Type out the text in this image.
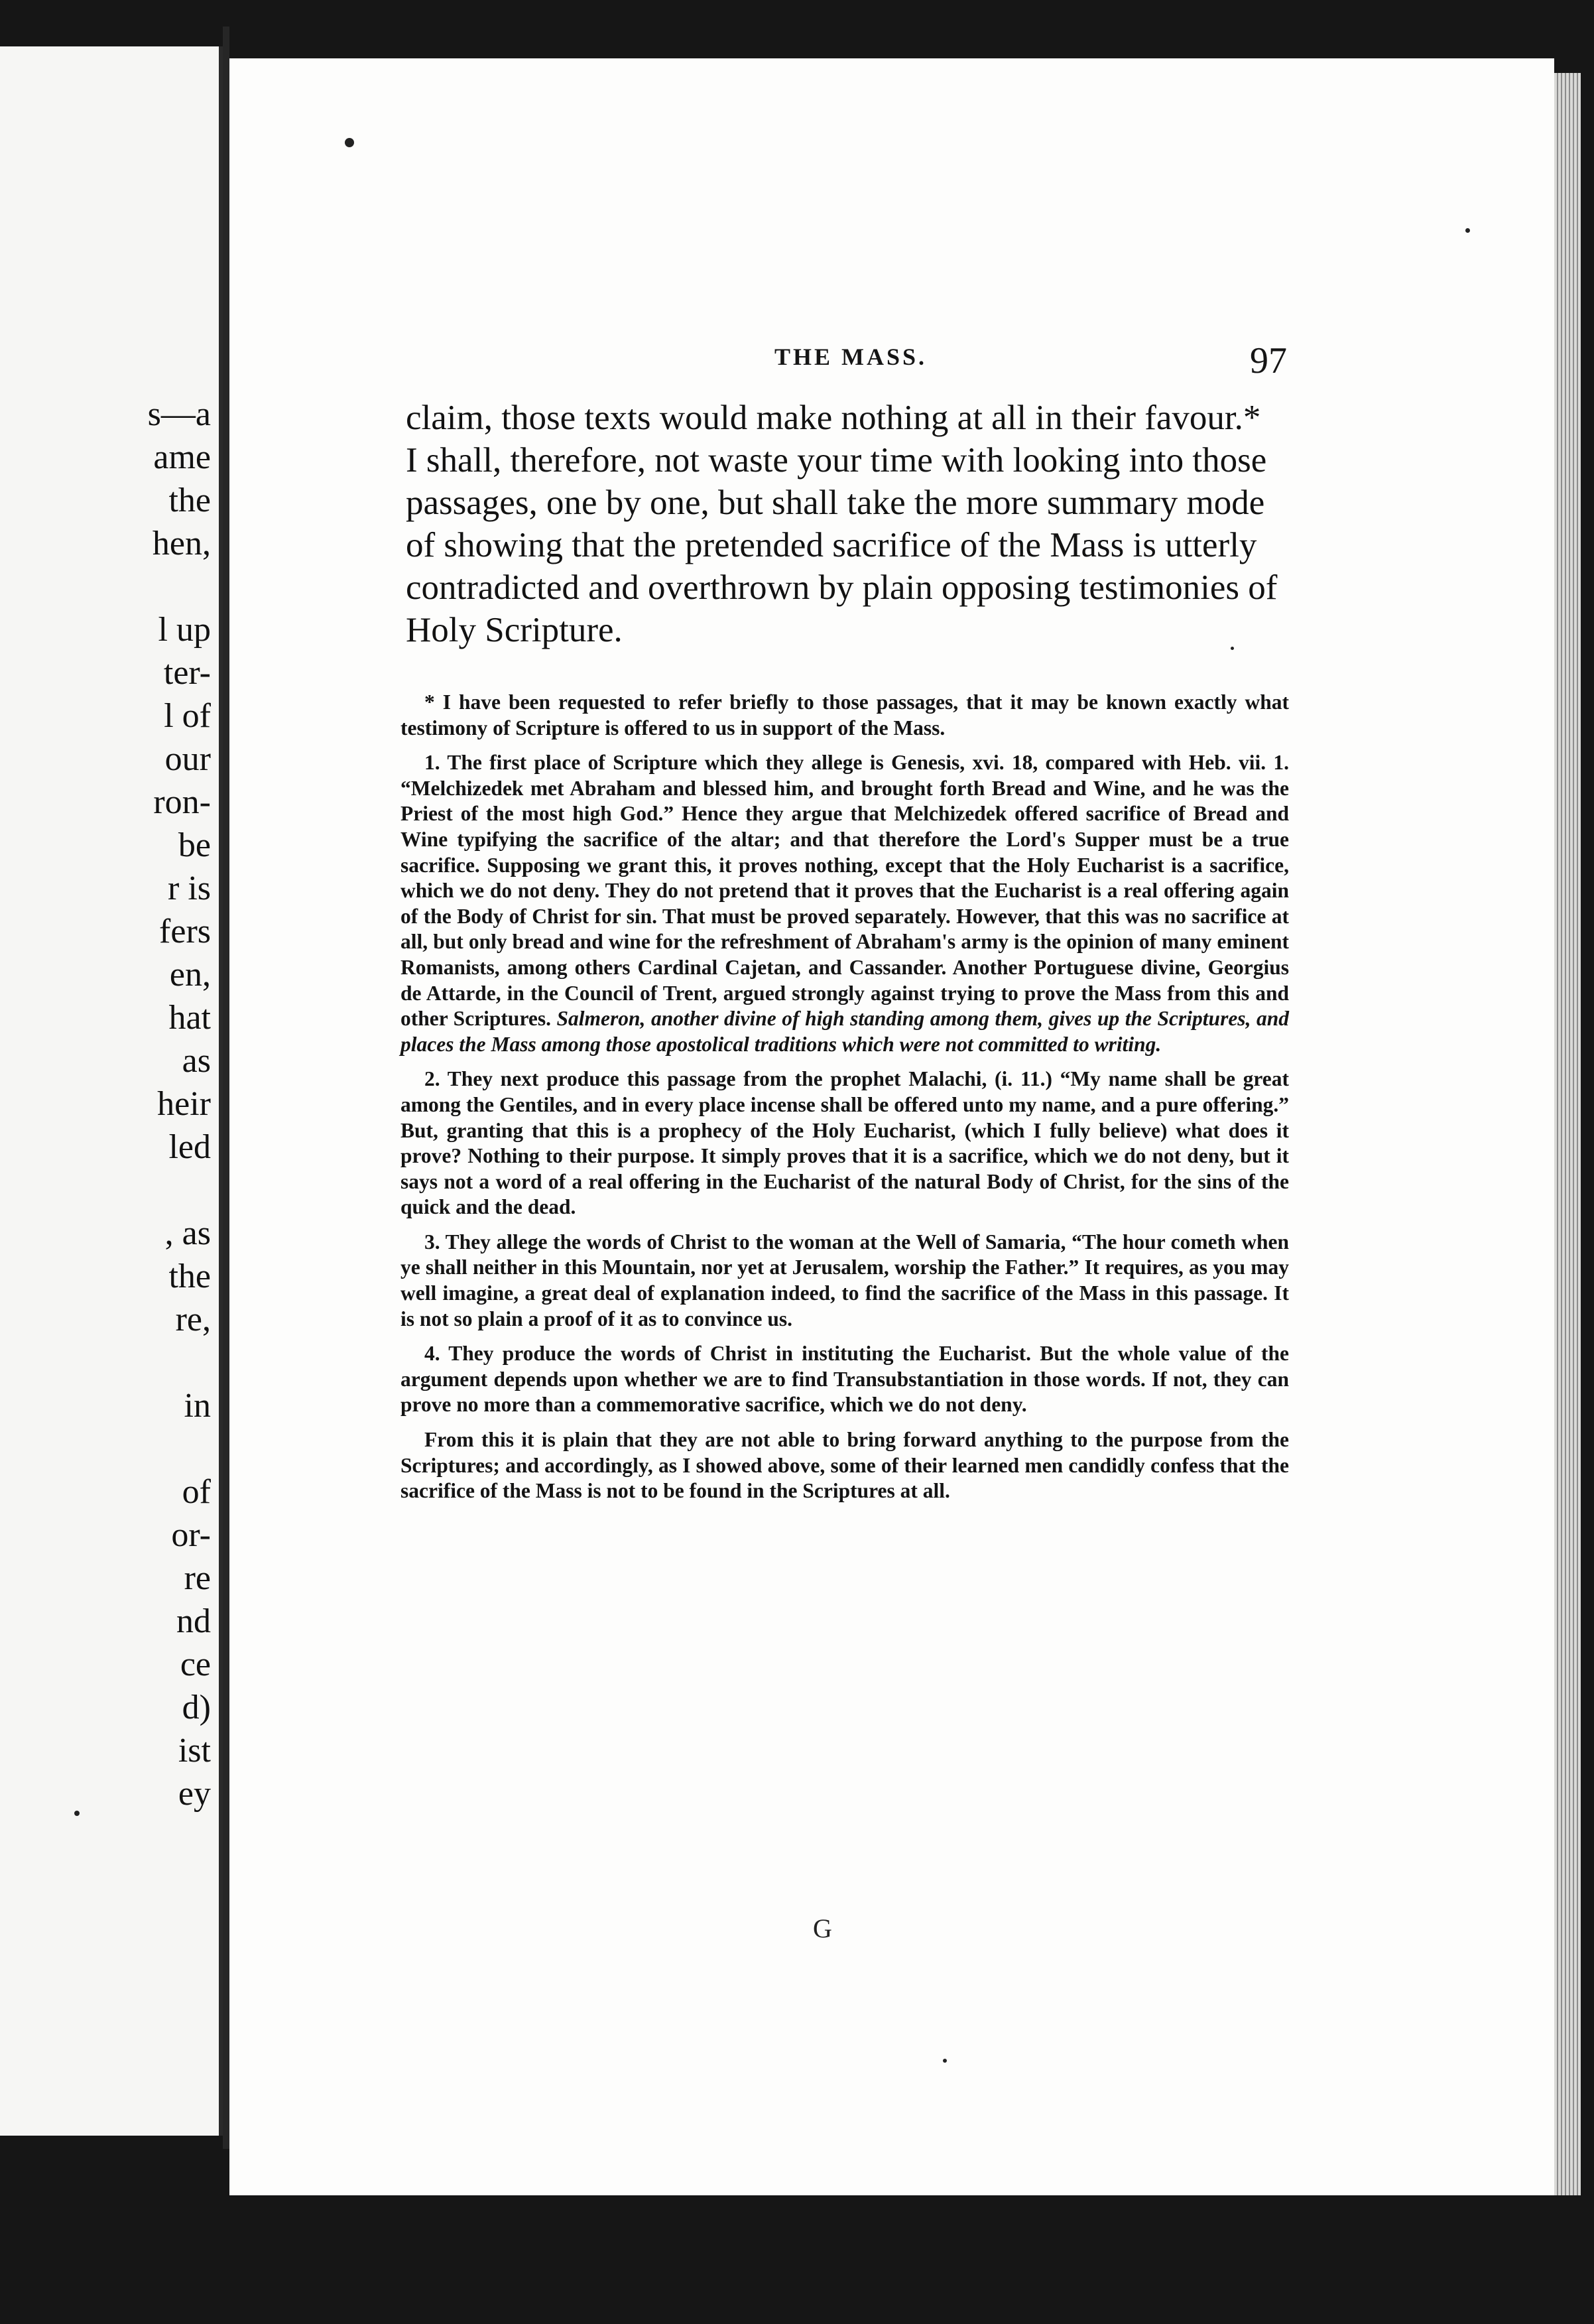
s—a
ame
the
hen,
l up
ter-
l of
our
ron-
be
r is
fers
en,
hat
as
heir
led
, as
the
re,
in
of
or-
re
nd
ce
d)
ist
ey
THE MASS.	97
claim, those texts would make nothing at all in their favour.*
I shall, therefore, not waste your time with looking into those
passages, one by one, but shall take the more summary mode
of showing that the pretended sacrifice of the Mass is utterly
contradicted and overthrown by plain opposing testimonies of
Holy Scripture.

* I have been requested to refer briefly to those passages, that it may be known exactly what testimony of Scripture is offered to us in support of the Mass.

1. The first place of Scripture which they allege is Genesis, xvi. 18, compared with Heb. vii. 1. “Melchizedek met Abraham and blessed him, and brought forth Bread and Wine, and he was the Priest of the most high God.” Hence they argue that Melchizedek offered sacrifice of Bread and Wine typifying the sacrifice of the altar; and that therefore the Lord's Supper must be a true sacrifice. Supposing we grant this, it proves nothing, except that the Holy Eucharist is a sacrifice, which we do not deny. They do not pretend that it proves that the Eucharist is a real offering again of the Body of Christ for sin. That must be proved separately. However, that this was no sacrifice at all, but only bread and wine for the refreshment of Abraham's army is the opinion of many eminent Romanists, among others Cardinal Cajetan, and Cassander. Another Portuguese divine, Georgius de Attarde, in the Council of Trent, argued strongly against trying to prove the Mass from this and other Scriptures. Salmeron, another divine of high standing among them, gives up the Scriptures, and places the Mass among those apostolical traditions which were not committed to writing.

2. They next produce this passage from the prophet Malachi, (i. 11.) “My name shall be great among the Gentiles, and in every place incense shall be offered unto my name, and a pure offering.” But, granting that this is a prophecy of the Holy Eucharist, (which I fully believe) what does it prove? Nothing to their purpose. It simply proves that it is a sacrifice, which we do not deny, but it says not a word of a real offering in the Eucharist of the natural Body of Christ, for the sins of the quick and the dead.

3. They allege the words of Christ to the woman at the Well of Samaria, “The hour cometh when ye shall neither in this Mountain, nor yet at Jerusalem, worship the Father.” It requires, as you may well imagine, a great deal of explanation indeed, to find the sacrifice of the Mass in this passage. It is not so plain a proof of it as to convince us.

4. They produce the words of Christ in instituting the Eucharist. But the whole value of the argument depends upon whether we are to find Transubstantiation in those words. If not, they can prove no more than a commemorative sacrifice, which we do not deny.

From this it is plain that they are not able to bring forward anything to the purpose from the Scriptures; and accordingly, as I showed above, some of their learned men candidly confess that the sacrifice of the Mass is not to be found in the Scriptures at all.

G
